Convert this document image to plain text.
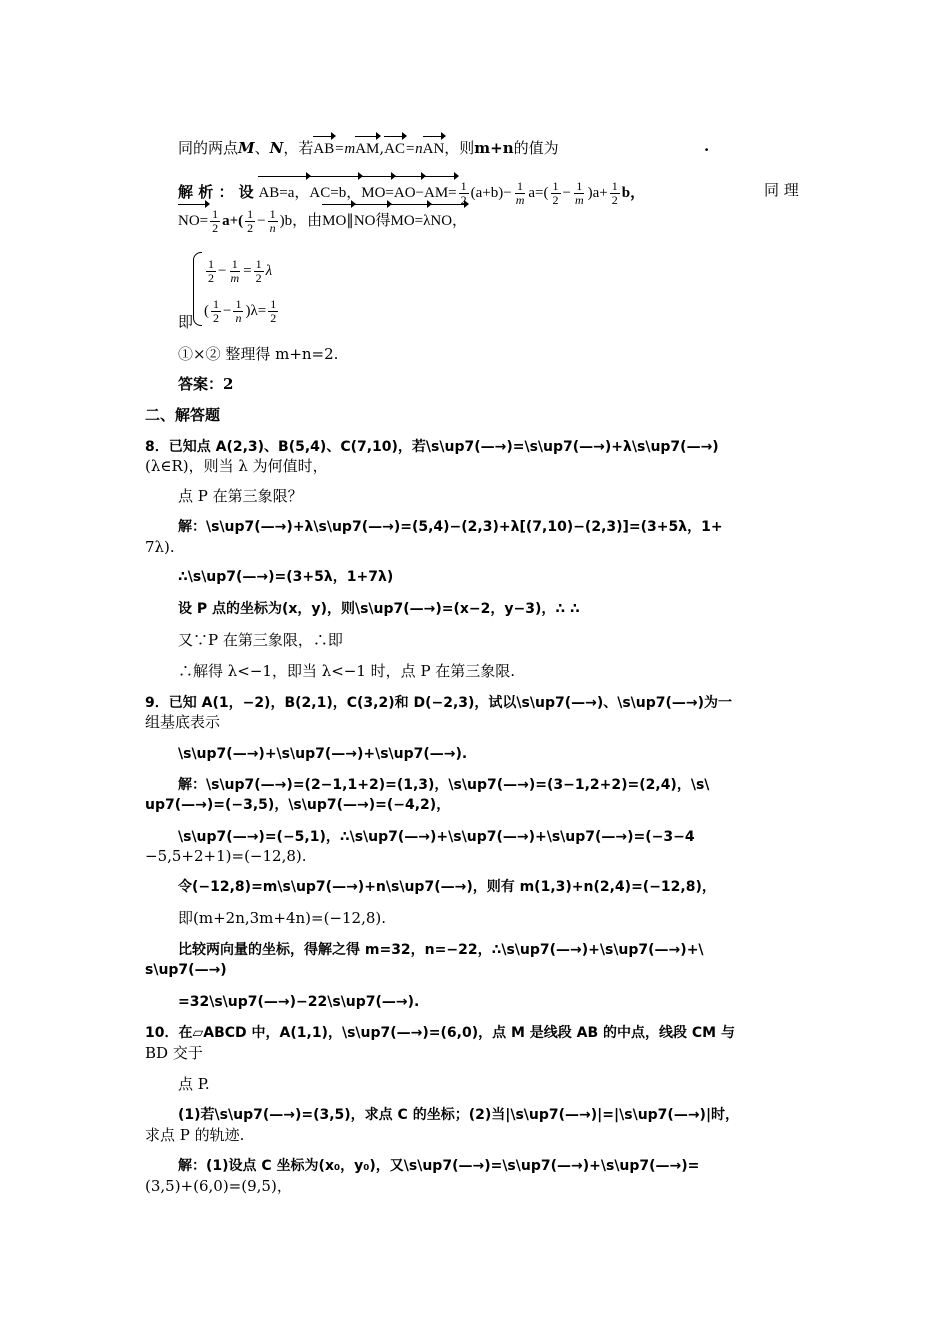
同的两点M、N，若AB=mAM,AC=nAN，则m+n的值为	.
解 析 ： 设 AB=a，AC=b，$MO=AO-AM= \frac{1}{2} (a+b)- \frac{1}{m} a=( \frac{1}{2} - \frac{1}{m} )a+ \frac{1}{2}$ b，	同 理
$NO= \frac{1}{2} a+( \frac{1}{2} - \frac{1}{n} )b$，由MO∥NO得MO=λNO，
$\frac{1}{2} - \frac{1}{m} = \frac{1}{2}$ λ
( $\frac{1}{2} - \frac{1}{n} )\lambda= \frac{1}{2}$
即
①×② 整理得 m+n=2.
答案：2
二、解答题
8．已知点 A(2,3)、B(5,4)、C(7,10)，若\s\up7(—→)=\s\up7(—→)+λ\s\up7(—→)
(λ∈R)，则当 λ 为何值时，
点 P 在第三象限？
解：\s\up7(—→)+λ\s\up7(—→)=(5,4)−(2,3)+λ[(7,10)−(2,3)]=(3+5λ，1+
7λ).
∴\s\up7(—→)=(3+5λ，1+7λ)
设 P 点的坐标为(x，y)，则\s\up7(—→)=(x−2，y−3)，∴ ∴
又∵P 在第三象限，∴即
∴解得 λ<−1，即当 λ<−1 时，点 P 在第三象限.
9．已知 A(1，−2)，B(2,1)，C(3,2)和 D(−2,3)，试以\s\up7(—→)、\s\up7(—→)为一
组基底表示
\s\up7(—→)+\s\up7(—→)+\s\up7(—→).
解：\s\up7(—→)=(2−1,1+2)=(1,3)，\s\up7(—→)=(3−1,2+2)=(2,4)，\s\
up7(—→)=(−3,5)，\s\up7(—→)=(−4,2)，
\s\up7(—→)=(−5,1)，∴\s\up7(—→)+\s\up7(—→)+\s\up7(—→)=(−3−4
−5,5+2+1)=(−12,8).
令(−12,8)=m\s\up7(—→)+n\s\up7(—→)，则有 m(1,3)+n(2,4)=(−12,8)，
即(m+2n,3m+4n)=(−12,8).
比较两向量的坐标，得解之得 m=32，n=−22，∴\s\up7(—→)+\s\up7(—→)+\
s\up7(—→)
=32\s\up7(—→)−22\s\up7(—→).
10．在▱ABCD 中，A(1,1)，\s\up7(—→)=(6,0)，点 M 是线段 AB 的中点，线段 CM 与
BD 交于
点 P.
(1)若\s\up7(—→)=(3,5)，求点 C 的坐标；(2)当|\s\up7(—→)|=|\s\up7(—→)|时，
求点 P 的轨迹.
解：(1)设点 C 坐标为(x₀，y₀)，又\s\up7(—→)=\s\up7(—→)+\s\up7(—→)=
(3,5)+(6,0)=(9,5)，
